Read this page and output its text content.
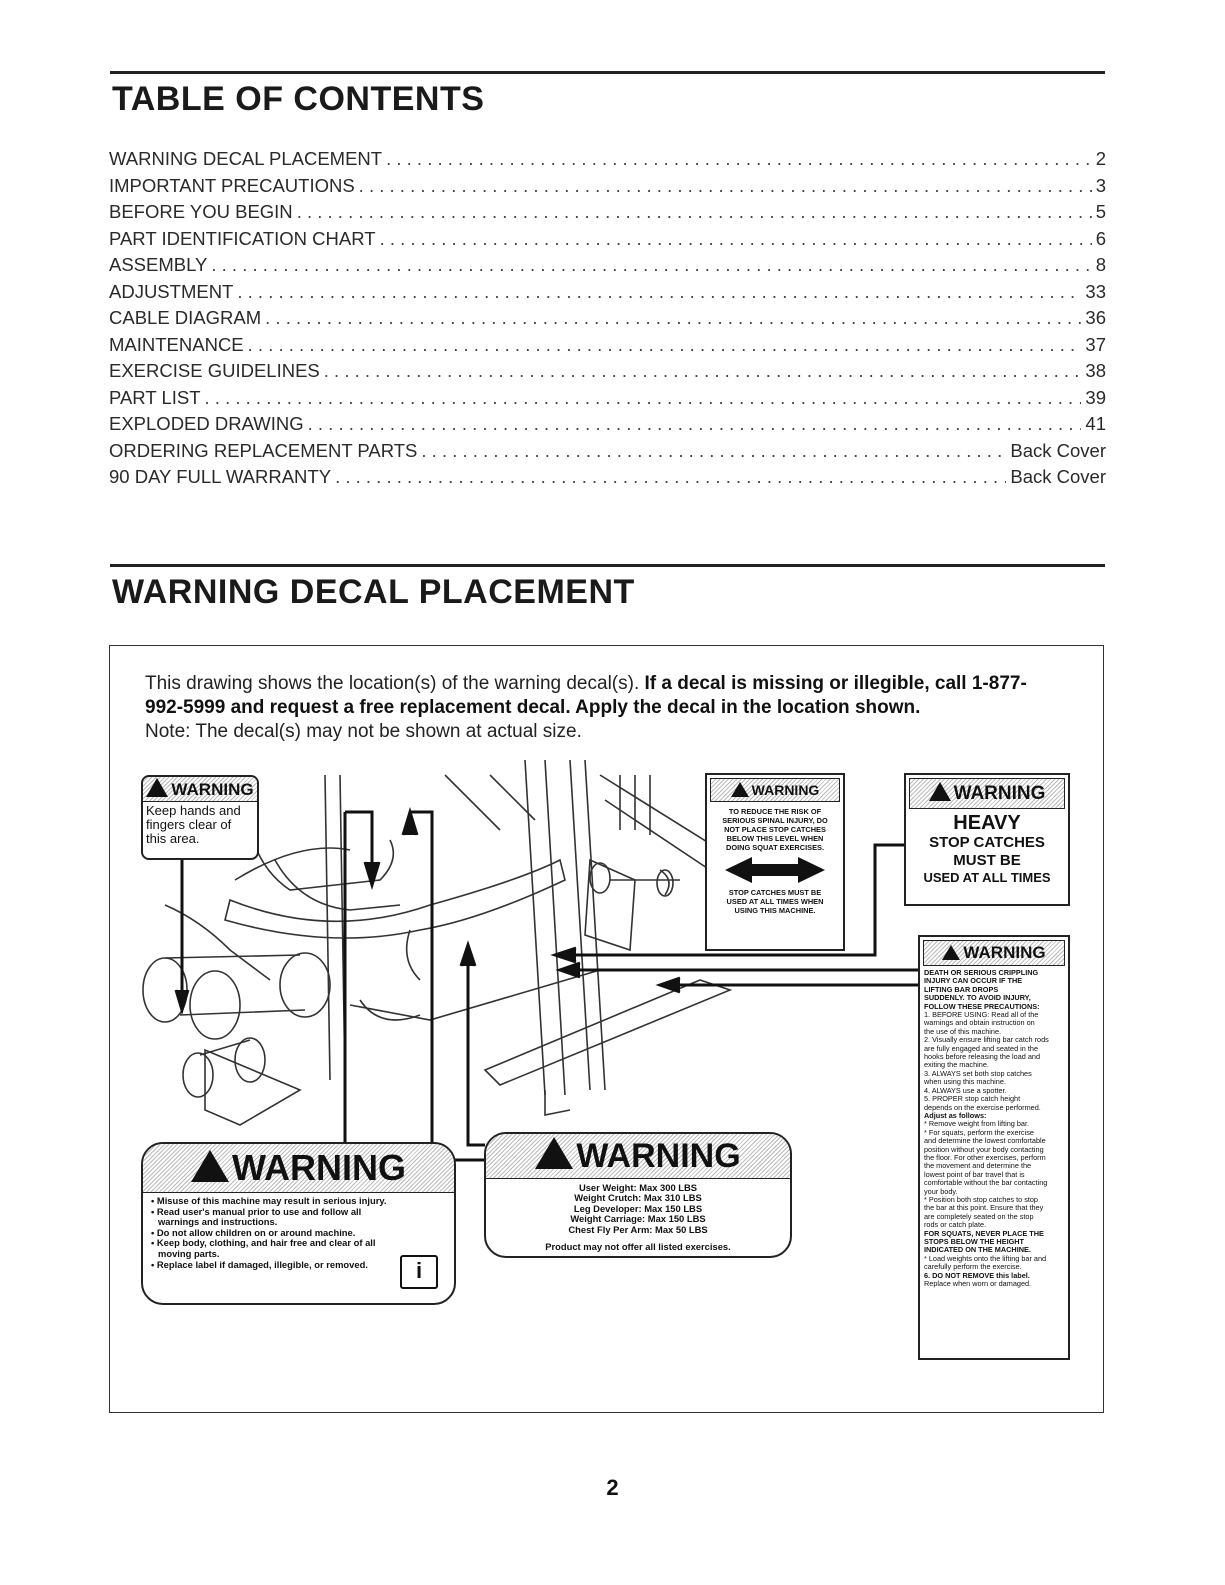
TABLE OF CONTENTS
WARNING DECAL PLACEMENT . . .	2
IMPORTANT PRECAUTIONS . . .	3
BEFORE YOU BEGIN . . .	5
PART IDENTIFICATION CHART . . .	6
ASSEMBLY . . .	8
ADJUSTMENT . . .	33
CABLE DIAGRAM . . .	36
MAINTENANCE . . .	37
EXERCISE GUIDELINES . . .	38
PART LIST . . .	39
EXPLODED DRAWING . . .	41
ORDERING REPLACEMENT PARTS . . .	Back Cover
90 DAY FULL WARRANTY . . .	Back Cover
WARNING DECAL PLACEMENT
This drawing shows the location(s) of the warning decal(s). If a decal is missing or illegible, call 1-877-992-5999 and request a free replacement decal. Apply the decal in the location shown.
Note: The decal(s) may not be shown at actual size.
WARNING
Keep hands and fingers clear of this area.
WARNING
TO REDUCE THE RISK OF SERIOUS SPINAL INJURY, DO NOT PLACE STOP CATCHES BELOW THIS LEVEL WHEN DOING SQUAT EXERCISES.
STOP CATCHES MUST BE USED AT ALL TIMES WHEN USING THIS MACHINE.
WARNING
HEAVY
STOP CATCHES
MUST BE
USED AT ALL TIMES
WARNING
DEATH OR SERIOUS CRIPPLING
INJURY CAN OCCUR IF THE
LIFTING BAR DROPS
SUDDENLY. TO AVOID INJURY,
FOLLOW THESE PRECAUTIONS:
1. BEFORE USING: Read all of the
warnings and obtain instruction on
the use of this machine.
2. Visually ensure lifting bar catch rods
are fully engaged and seated in the
hooks before releasing the load and
exiting the machine.
3. ALWAYS set both stop catches
when using this machine.
4. ALWAYS use a spotter.
5. PROPER stop catch height
depends on the exercise performed.
Adjust as follows:
* Remove weight from lifting bar.
* For squats, perform the exercise
and determine the lowest comfortable
position without your body contacting
the floor. For other exercises, perform
the movement and determine the
lowest point of bar travel that is
comfortable without the bar contacting
your body.
* Position both stop catches to stop
the bar at this point. Ensure that they
are completely seated on the stop
rods or catch plate.
FOR SQUATS, NEVER PLACE THE
STOPS BELOW THE HEIGHT
INDICATED ON THE MACHINE.
* Load weights onto the lifting bar and
carefully perform the exercise.
6. DO NOT REMOVE this label.
Replace when worn or damaged.
WARNING
• Misuse of this machine may result in serious injury.
• Read user's manual prior to use and follow all warnings and instructions.
• Do not allow children on or around machine.
• Keep body, clothing, and hair free and clear of all moving parts.
• Replace label if damaged, illegible, or removed.	i
WARNING
User Weight: Max 300 LBS
Weight Crutch: Max 310 LBS
Leg Developer: Max 150 LBS
Weight Carriage: Max 150 LBS
Chest Fly Per Arm: Max 50 LBS
Product may not offer all listed exercises.
2
